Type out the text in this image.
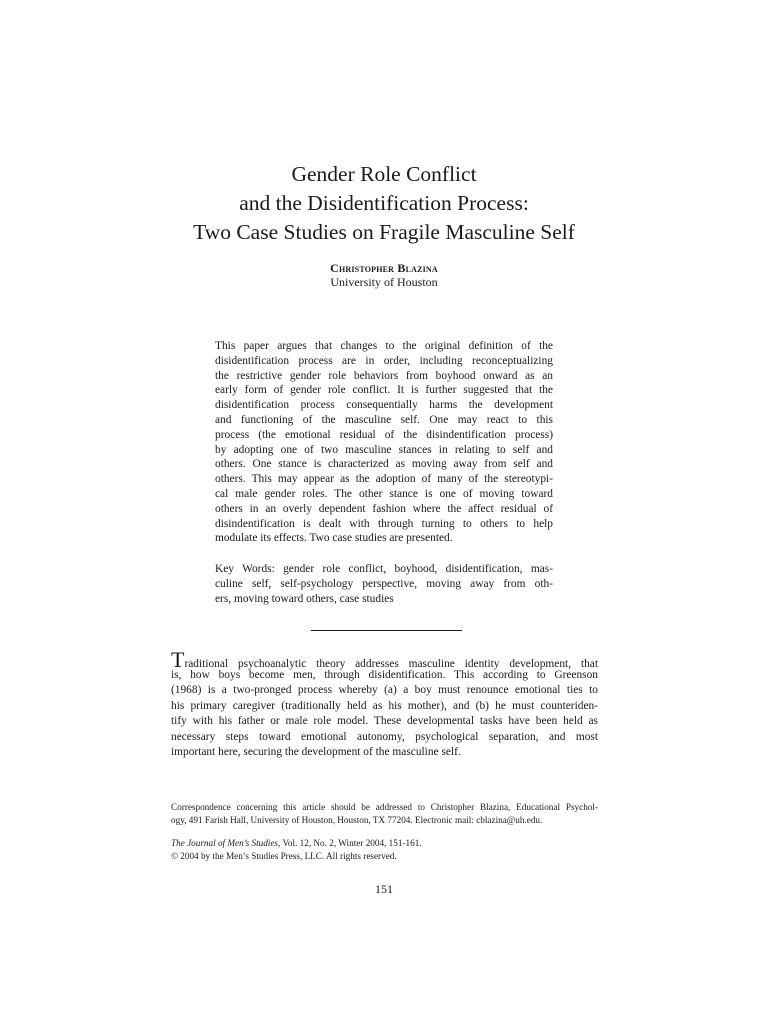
Gender Role Conflict
and the Disidentification Process:
Two Case Studies on Fragile Masculine Self
Christopher Blazina
University of Houston
This paper argues that changes to the original definition of the
disidentification process are in order, including reconceptualizing
the restrictive gender role behaviors from boyhood onward as an
early form of gender role conflict. It is further suggested that the
disidentification process consequentially harms the development
and functioning of the masculine self. One may react to this
process (the emotional residual of the disindentification process)
by adopting one of two masculine stances in relating to self and
others. One stance is characterized as moving away from self and
others. This may appear as the adoption of many of the stereotypi-
cal male gender roles. The other stance is one of moving toward
others in an overly dependent fashion where the affect residual of
disindentification is dealt with through turning to others to help
modulate its effects. Two case studies are presented.
Key Words: gender role conflict, boyhood, disidentification, mas-
culine self, self-psychology perspective, moving away from oth-
ers, moving toward others, case studies
Traditional psychoanalytic theory addresses masculine identity development, that
is, how boys become men, through disidentification. This according to Greenson
(1968) is a two-pronged process whereby (a) a boy must renounce emotional ties to
his primary caregiver (traditionally held as his mother), and (b) he must counteriden-
tify with his father or male role model. These developmental tasks have been held as
necessary steps toward emotional autonomy, psychological separation, and most
important here, securing the development of the masculine self.
Correspondence concerning this article should be addressed to Christopher Blazina, Educational Psychol-
ogy, 491 Farish Hall, University of Houston, Houston, TX 77204. Electronic mail: cblazina@uh.edu.
The Journal of Men’s Studies, Vol. 12, No. 2, Winter 2004, 151-161.
© 2004 by the Men’s Studies Press, LLC. All rights reserved.
151
